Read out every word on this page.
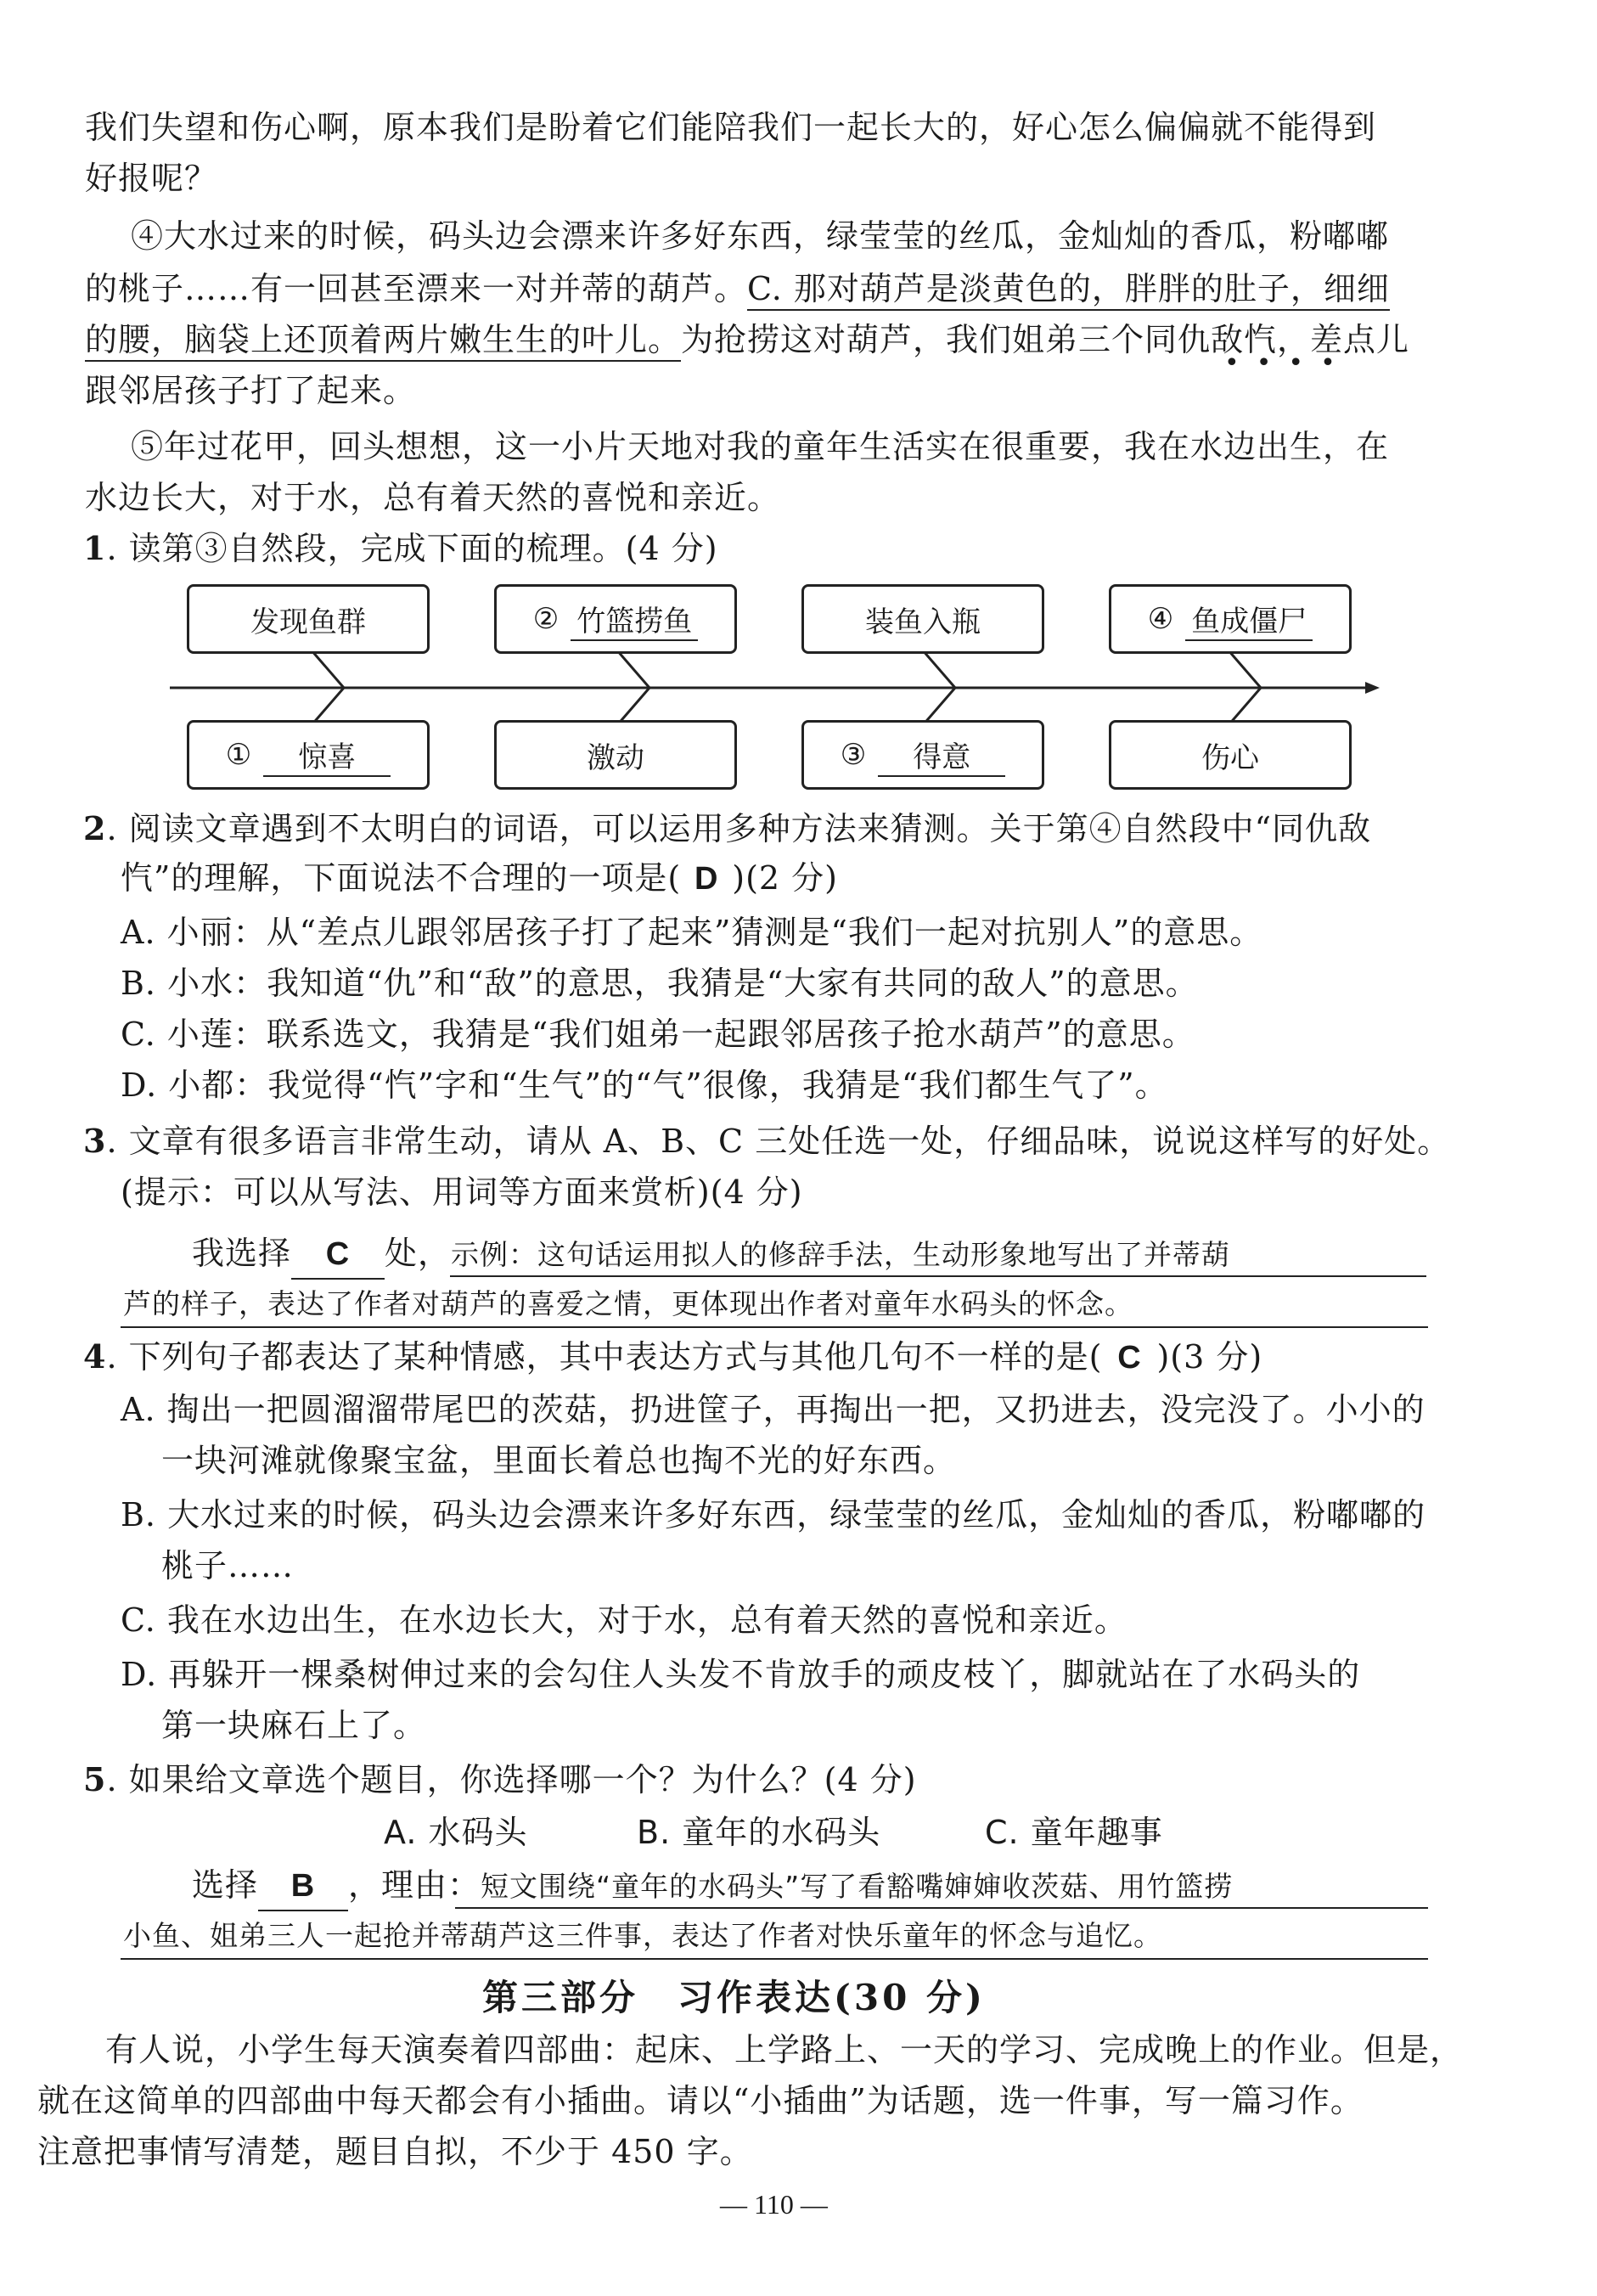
我们失望和伤心啊，原本我们是盼着它们能陪我们一起长大的，好心怎么偏偏就不能得到
好报呢？
④大水过来的时候，码头边会漂来许多好东西，绿莹莹的丝瓜，金灿灿的香瓜，粉嘟嘟
的桃子……有一回甚至漂来一对并蒂的葫芦。C. 那对葫芦是淡黄色的，胖胖的肚子，细细
的腰，脑袋上还顶着两片嫩生生的叶儿。为抢捞这对葫芦，我们姐弟三个同仇敌忾，差点儿
••••
跟邻居孩子打了起来。
⑤年过花甲，回头想想，这一小片天地对我的童年生活实在很重要，我在水边出生，在
水边长大，对于水，总有着天然的喜悦和亲近。
1. 读第③自然段，完成下面的梳理。(4 分)
发现鱼群	② 竹篮捞鱼	装鱼入瓶	④ 鱼成僵尸
①	惊喜	激动	③	得意	伤心
2. 阅读文章遇到不太明白的词语，可以运用多种方法来猜测。关于第④自然段中“同仇敌
忾”的理解，下面说法不合理的一项是( D )(2 分)
A. 小丽：从“差点儿跟邻居孩子打了起来”猜测是“我们一起对抗别人”的意思。
B. 小水：我知道“仇”和“敌”的意思，我猜是“大家有共同的敌人”的意思。
C. 小莲：联系选文，我猜是“我们姐弟一起跟邻居孩子抢水葫芦”的意思。
D. 小都：我觉得“忾”字和“生气”的“气”很像，我猜是“我们都生气了”。
3. 文章有很多语言非常生动，请从 A、B、C 三处任选一处，仔细品味，说说这样写的好处。
(提示：可以从写法、用词等方面来赏析)(4 分)
我选择 C 处，示例：这句话运用拟人的修辞手法，生动形象地写出了并蒂葫
芦的样子，表达了作者对葫芦的喜爱之情，更体现出作者对童年水码头的怀念。
4. 下列句子都表达了某种情感，其中表达方式与其他几句不一样的是( C )(3 分)
A. 掏出一把圆溜溜带尾巴的茨菇，扔进筐子，再掏出一把，又扔进去，没完没了。小小的
一块河滩就像聚宝盆，里面长着总也掏不光的好东西。
B. 大水过来的时候，码头边会漂来许多好东西，绿莹莹的丝瓜，金灿灿的香瓜，粉嘟嘟的
桃子……
C. 我在水边出生，在水边长大，对于水，总有着天然的喜悦和亲近。
D. 再躲开一棵桑树伸过来的会勾住人头发不肯放手的顽皮枝丫，脚就站在了水码头的
第一块麻石上了。
5. 如果给文章选个题目，你选择哪一个？为什么？(4 分)
A. 水码头	B. 童年的水码头	C. 童年趣事
选择 B ，理由：短文围绕“童年的水码头”写了看豁嘴婶婶收茨菇、用竹篮捞
小鱼、姐弟三人一起抢并蒂葫芦这三件事，表达了作者对快乐童年的怀念与追忆。
第三部分　习作表达(30 分)
有人说，小学生每天演奏着四部曲：起床、上学路上、一天的学习、完成晚上的作业。但是，
就在这简单的四部曲中每天都会有小插曲。请以“小插曲”为话题，选一件事，写一篇习作。
注意把事情写清楚，题目自拟，不少于 450 字。
— 110 —
